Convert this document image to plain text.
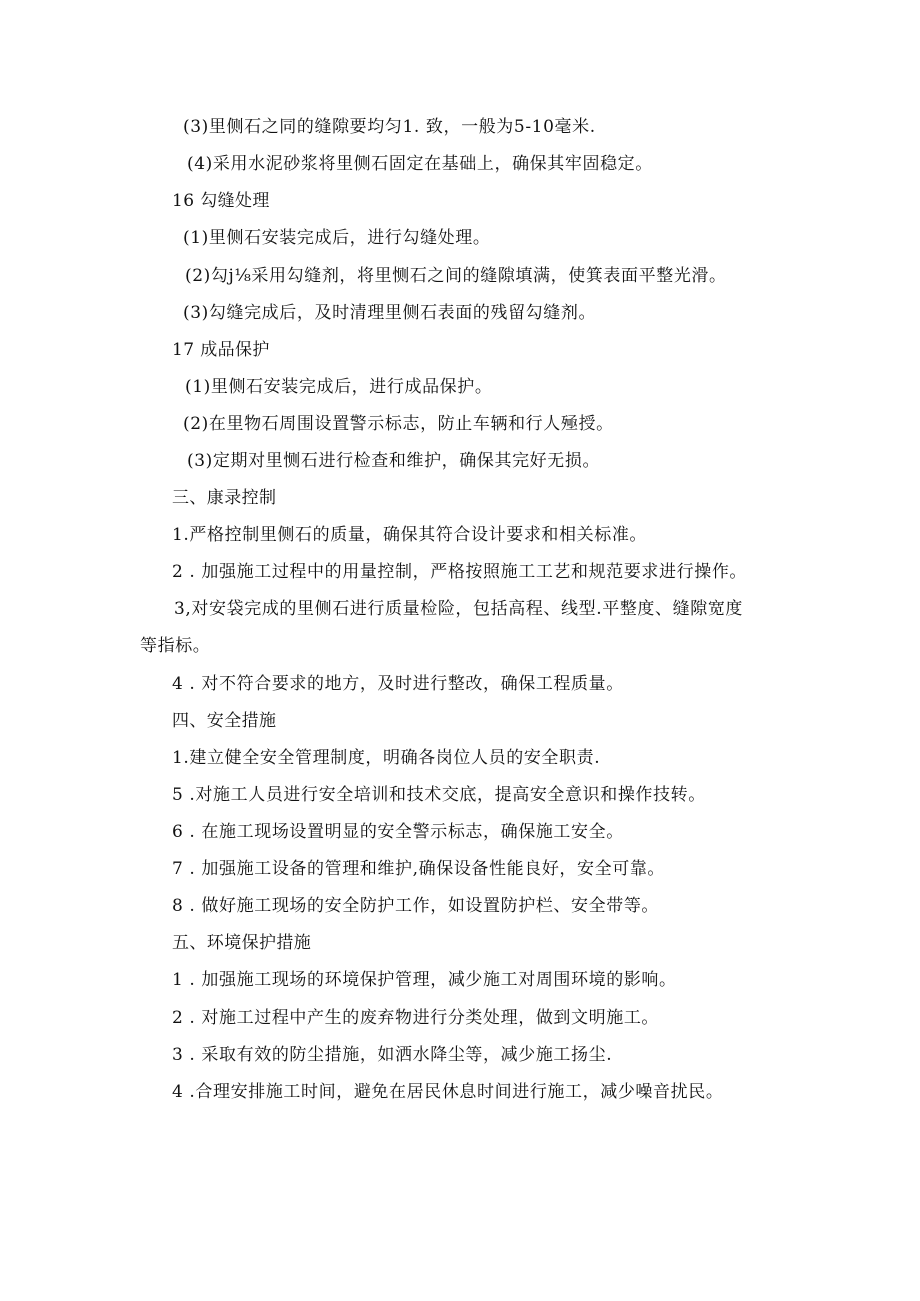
(3)里侧石之同的缝隙要均匀1. 致，一般为5-10毫米.
(4)采用水泥砂浆将里侧石固定在基础上，确保其牢固稳定。
16 勾缝处理
(1)里侧石安装完成后，进行勾缝处理。
(2)勾j⅛采用勾缝剂，将里恻石之间的缝隙填满，使箕表面平整光滑。
(3)勾缝完成后，及时清理里侧石表面的残留勾缝剂。
17 成品保护
(1)里侧石安装完成后，进行成品保护。
(2)在里物石周围设置警示标志，防止车辆和行人殛授。
(3)定期对里恻石进行检查和维护，确保其完好无损。
三、康录控制
1.严格控制里侧石的质量，确保其符合设计要求和相关标准。
2 . 加强施工过程中的用量控制，严格按照施工工艺和规范要求进行操作。
3,对安袋完成的里侧石进行质量检险，包括高程、线型.平整度、缝隙宽度
等指标。
4 . 对不符合要求的地方，及时进行整改，确保工程质量。
四、安全措施
1.建立健全安全管理制度，明确各岗位人员的安全职责.
5 .对施工人员进行安全培训和技术交底，提高安全意识和操作技转。
6 . 在施工现场设置明显的安全警示标志，确保施工安全。
7 . 加强施工设备的管理和维护,确保设备性能良好，安全可靠。
8 . 做好施工现场的安全防护工作，如设置防护栏、安全带等。
五、环境保护措施
1 . 加强施工现场的环境保护管理，减少施工对周围环境的影响。
2 . 对施工过程中产生的废弃物进行分类处理，做到文明施工。
3 . 采取有效的防尘措施，如洒水降尘等，减少施工扬尘.
4 .合理安排施工时间，避免在居民休息时间进行施工，减少噪音扰民。
